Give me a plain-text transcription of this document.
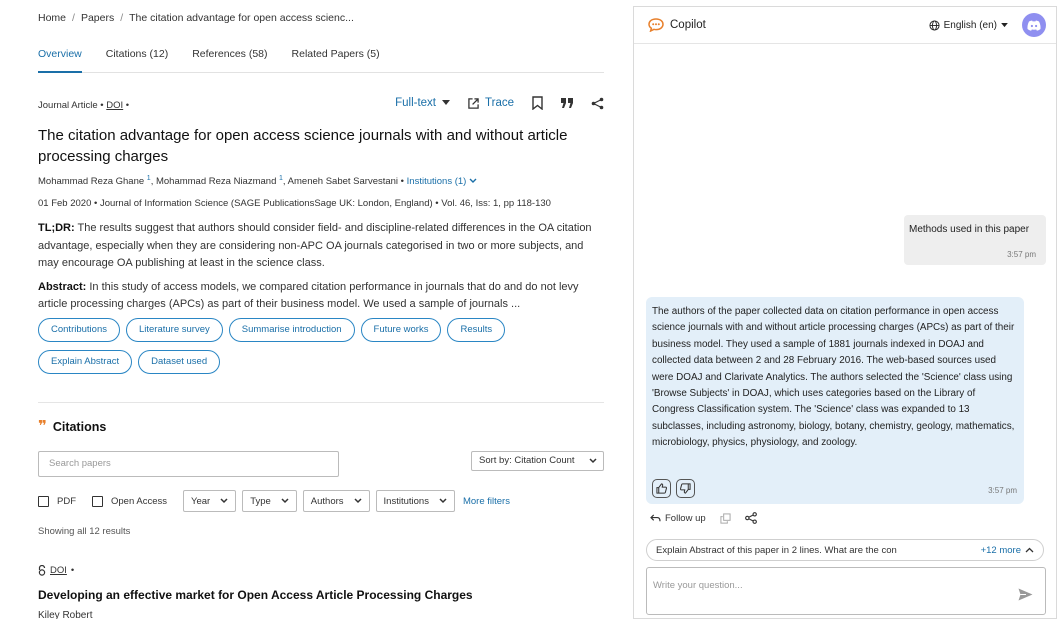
Home / Papers / The citation advantage for open access scienc...
Overview Citations (12) References (58) Related Papers (5)
Journal Article • DOI •	Full-text	Trace
The citation advantage for open access science journals with and without article processing charges
Mohammad Reza Ghane $^1$, Mohammad Reza Niazmand $^1$, Ameneh Sabet Sarvestani • Institutions (1)
01 Feb 2020 • Journal of Information Science (SAGE PublicationsSage UK: London, England) • Vol. 46, Iss: 1, pp 118-130
TL;DR: The results suggest that authors should consider field- and discipline-related differences in the OA citation advantage, especially when they are considering non-APC OA journals categorised in two or more subjects, and may encourage OA publishing at least in the science class.
Abstract: In this study of access models, we compared citation performance in journals that do and do not levy article processing charges (APCs) as part of their business model. We used a sample of journals ...
Contributions	Literature survey	Summarise introduction	Future works	Results
Explain Abstract	Dataset used
❞ Citations
Search papers	Sort by: Citation Count
PDF	Open Access	Year	Type	Authors	Institutions	More filters
Showing all 12 results
DOI •
Developing an effective market for Open Access Article Processing Charges
Kiley Robert
Copilot	English (en)
Methods used in this paper
3:57 pm
The authors of the paper collected data on citation performance in open access science journals with and without article processing charges (APCs) as part of their business model. They used a sample of 1881 journals indexed in DOAJ and collected data between 2 and 28 February 2016. The web-based sources used were DOAJ and Clarivate Analytics. The authors selected the 'Science' class using 'Browse Subjects' in DOAJ, which uses categories based on the Library of Congress Classification system. The 'Science' class was expanded to 13 subclasses, including astronomy, biology, botany, chemistry, geology, mathematics, microbiology, physics, physiology, and zoology.
3:57 pm
Follow up
Explain Abstract of this paper in 2 lines. What are the con	+12 more
Write your question...
